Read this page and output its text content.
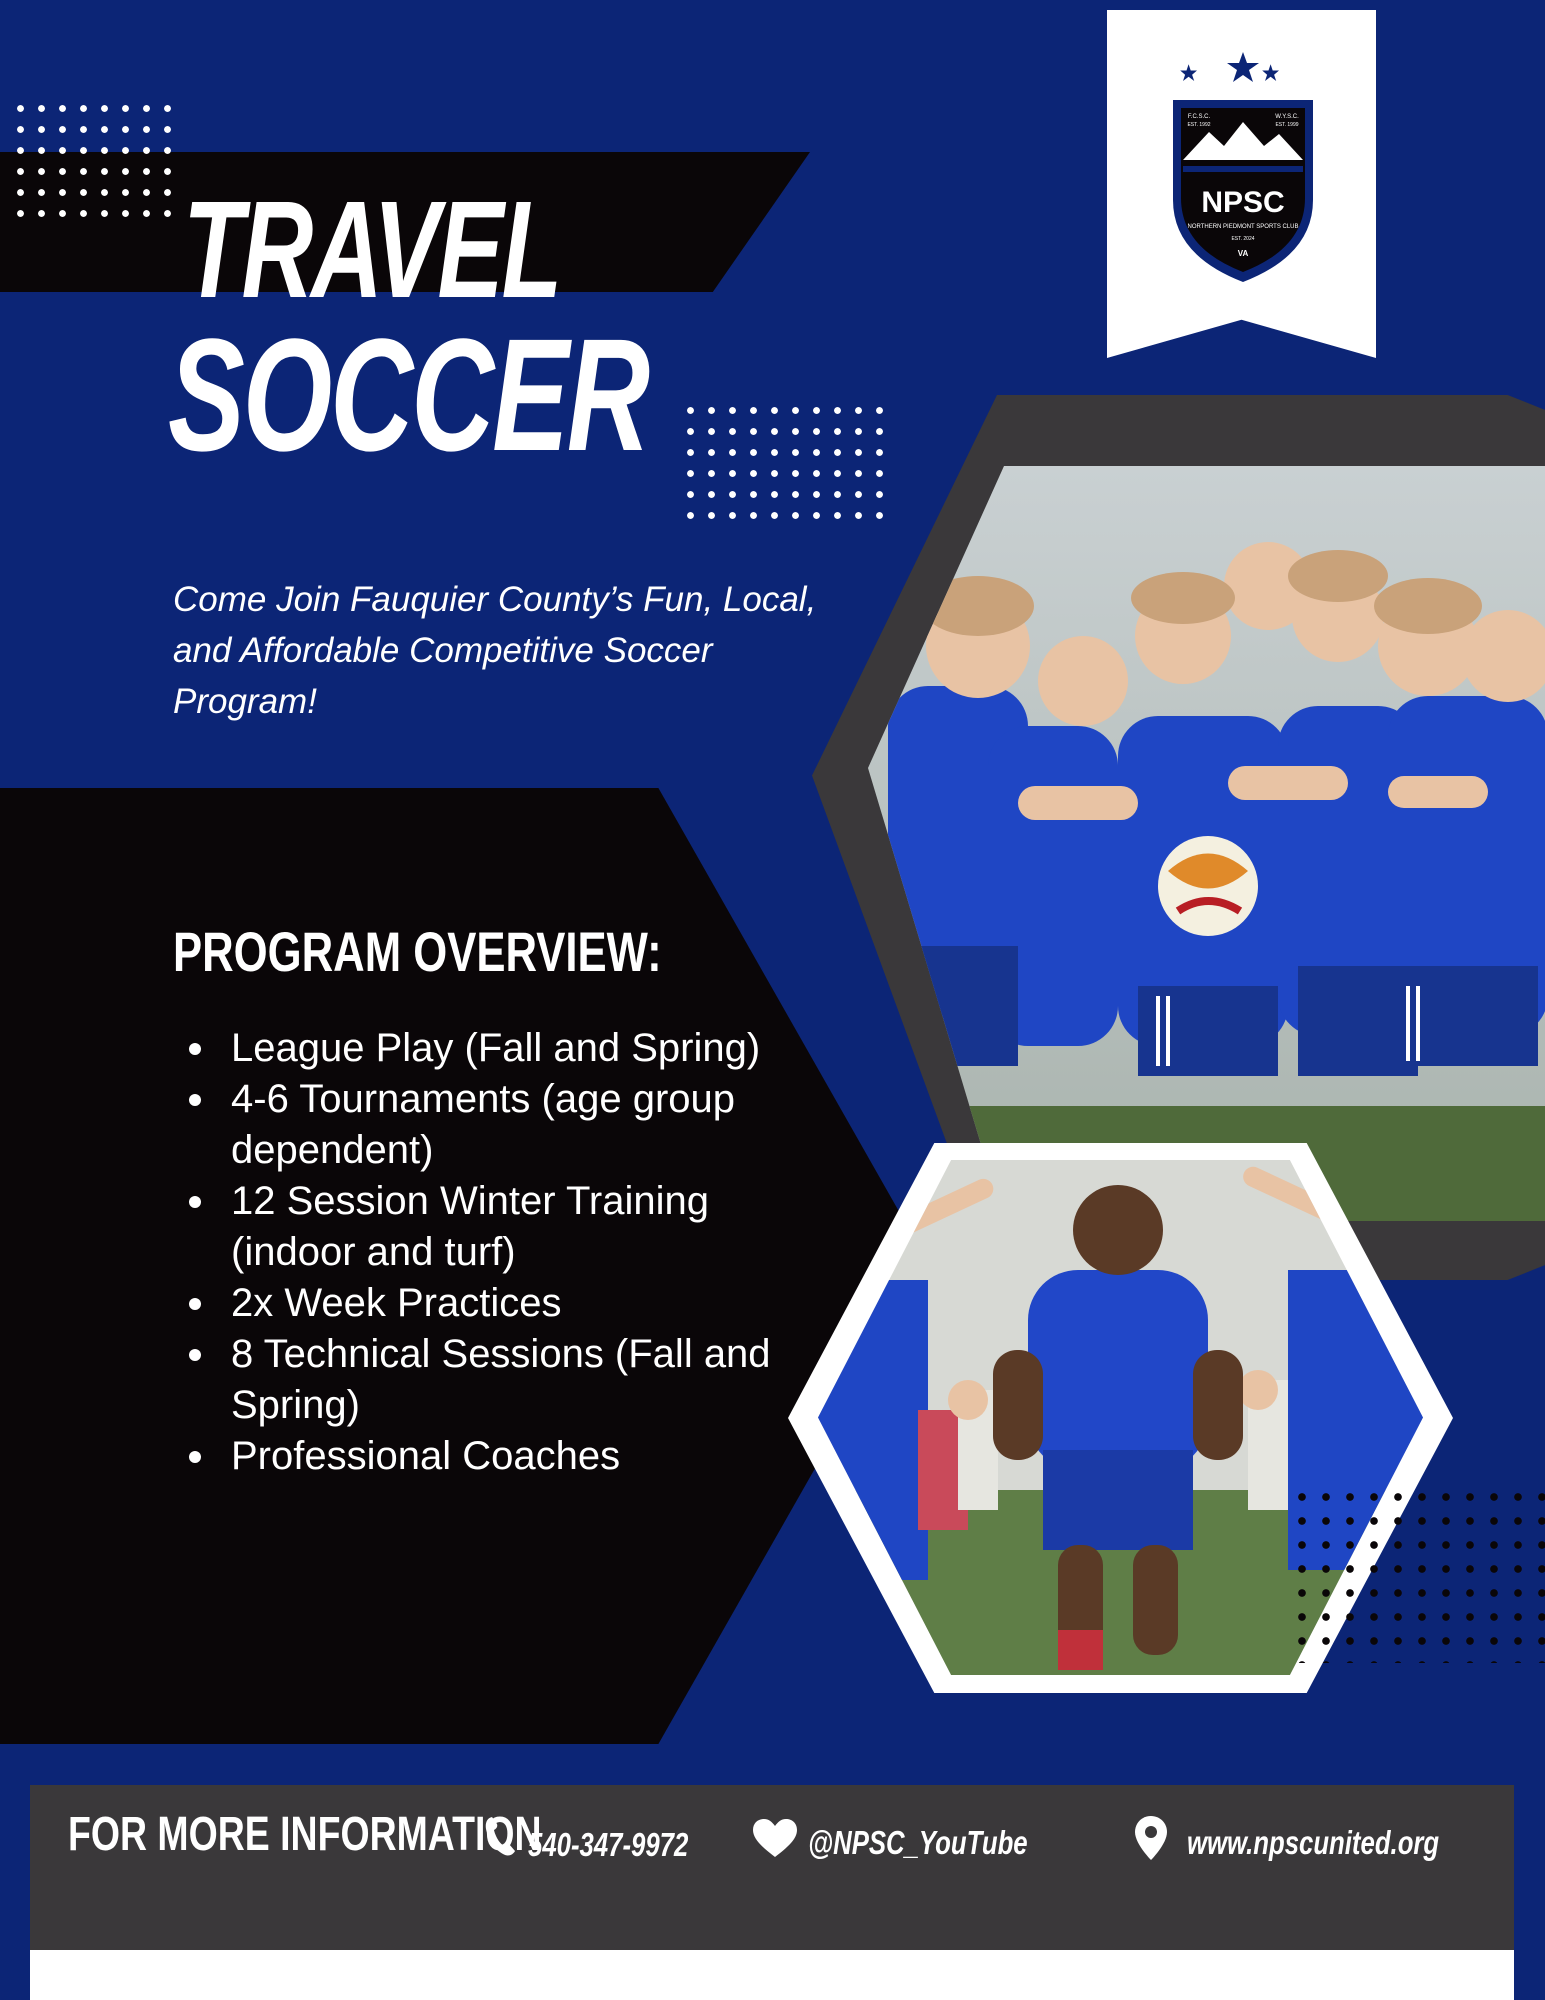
TRAVEL
SOCCER
Come Join Fauquier County’s Fun, Local, and Affordable Competitive Soccer Program!
PROGRAM OVERVIEW:
League Play (Fall and Spring)
4-6 Tournaments (age group dependent)
12 Session Winter Training (indoor and turf)
2x Week Practices
8 Technical Sessions (Fall and Spring)
Professional Coaches
NPSC
NORTHERN PIEDMONT SPORTS CLUB
F.C.S.C.	W.Y.S.C.
EST. 1992	EST. 1999
EST. 2024
VA
FOR MORE INFORMATION
540-347-9972	@NPSC_YouTube	www.npscunited.org
